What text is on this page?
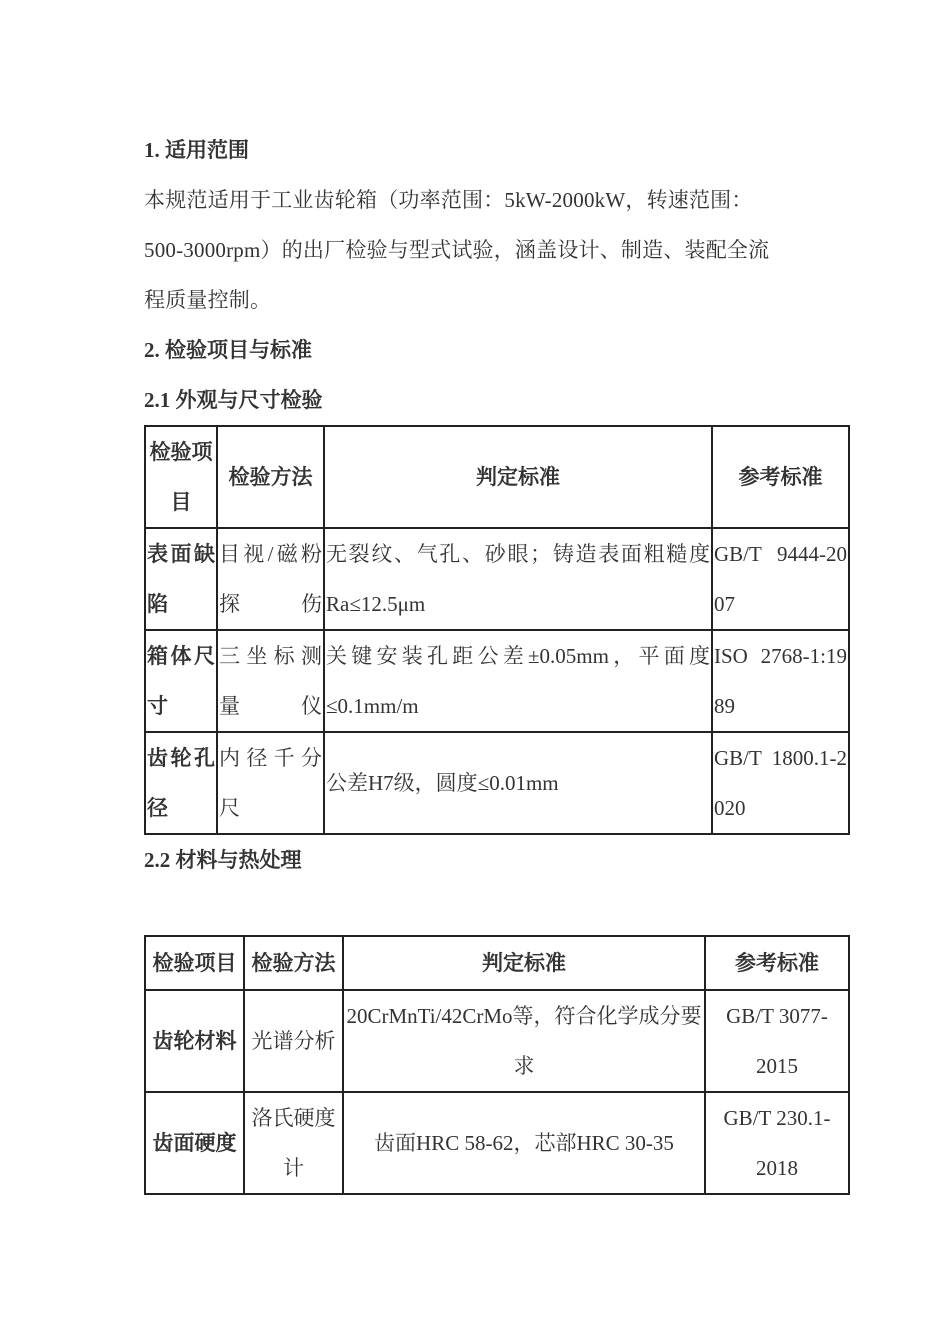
1. 适用范围

本规范适用于工业齿轮箱（功率范围：5kW-2000kW，转速范围：

500-3000rpm）的出厂检验与型式试验，涵盖设计、制造、装配全流

程质量控制。

2. 检验项目与标准

2.1 外观与尺寸检验

检验项目	检验方法	判定标准	参考标准
表面缺陷	目视/磁粉探伤	无裂纹、气孔、砂眼；铸造表面粗糙度Ra≤12.5μm	GB/T 9444-2007
箱体尺寸	三坐标测量仪	关键安装孔距公差±0.05mm，平面度≤0.1mm/m	ISO 2768-1:1989
齿轮孔径	内径千分尺	公差H7级，圆度≤0.01mm	GB/T 1800.1-2020

2.2 材料与热处理

检验项目	检验方法	判定标准	参考标准
齿轮材料	光谱分析	20CrMnTi/42CrMo等，符合化学成分要求	GB/T 3077-2015
齿面硬度	洛氏硬度计	齿面HRC 58-62，芯部HRC 30-35	GB/T 230.1-2018
